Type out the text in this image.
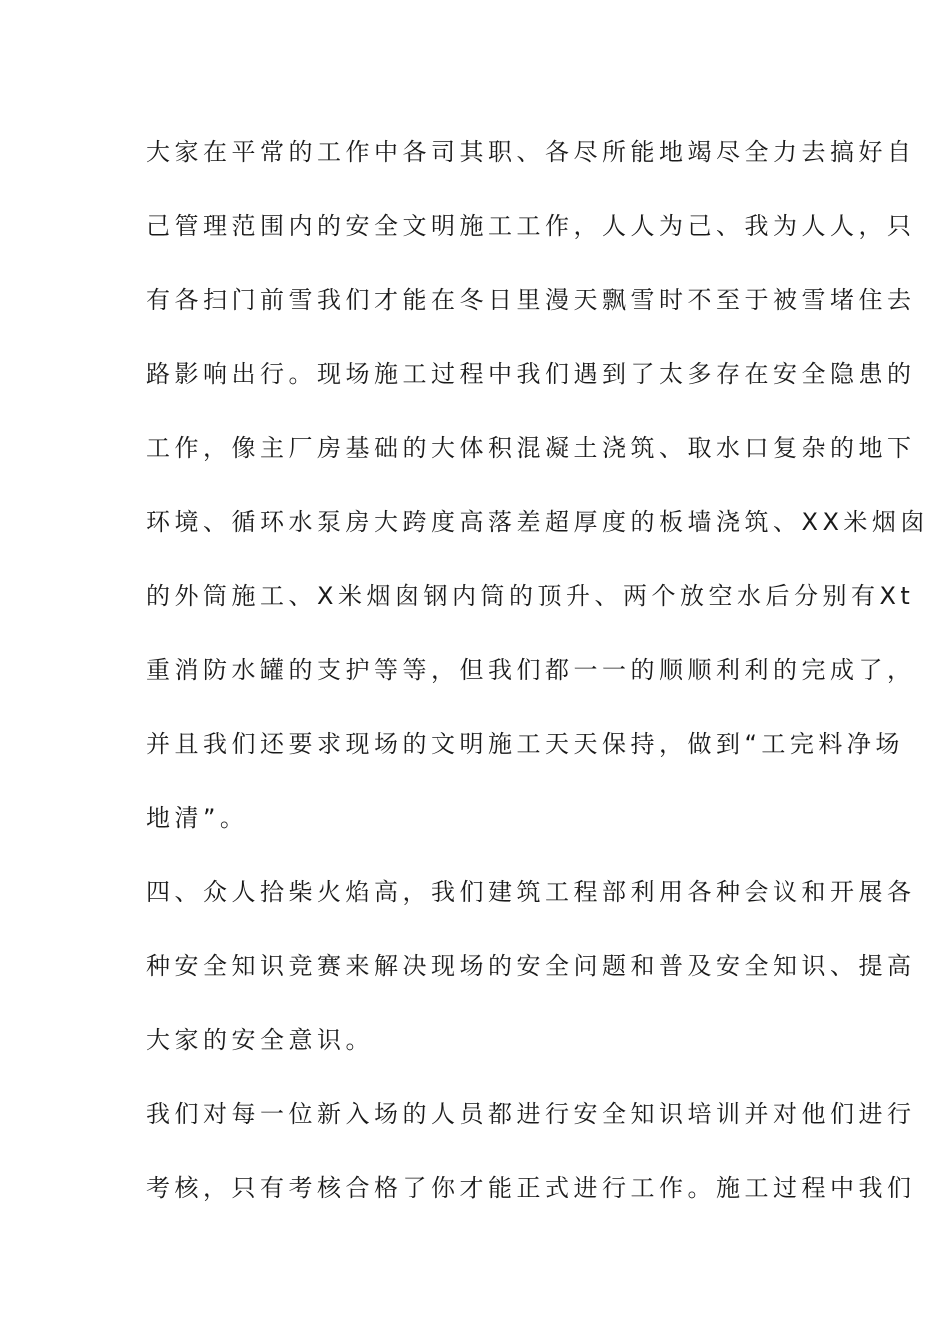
大家在平常的工作中各司其职、各尽所能地竭尽全力去搞好自
己管理范围内的安全文明施工工作，人人为己、我为人人，只
有各扫门前雪我们才能在冬日里漫天飘雪时不至于被雪堵住去
路影响出行。现场施工过程中我们遇到了太多存在安全隐患的
工作，像主厂房基础的大体积混凝土浇筑、取水口复杂的地下
环境、循环水泵房大跨度高落差超厚度的板墙浇筑、XX米烟囱
的外筒施工、X米烟囱钢内筒的顶升、两个放空水后分别有Xt
重消防水罐的支护等等，但我们都一一的顺顺利利的完成了，
并且我们还要求现场的文明施工天天保持，做到“工完料净场
地清”。
四、众人拾柴火焰高，我们建筑工程部利用各种会议和开展各
种安全知识竞赛来解决现场的安全问题和普及安全知识、提高
大家的安全意识。
我们对每一位新入场的人员都进行安全知识培训并对他们进行
考核，只有考核合格了你才能正式进行工作。施工过程中我们
